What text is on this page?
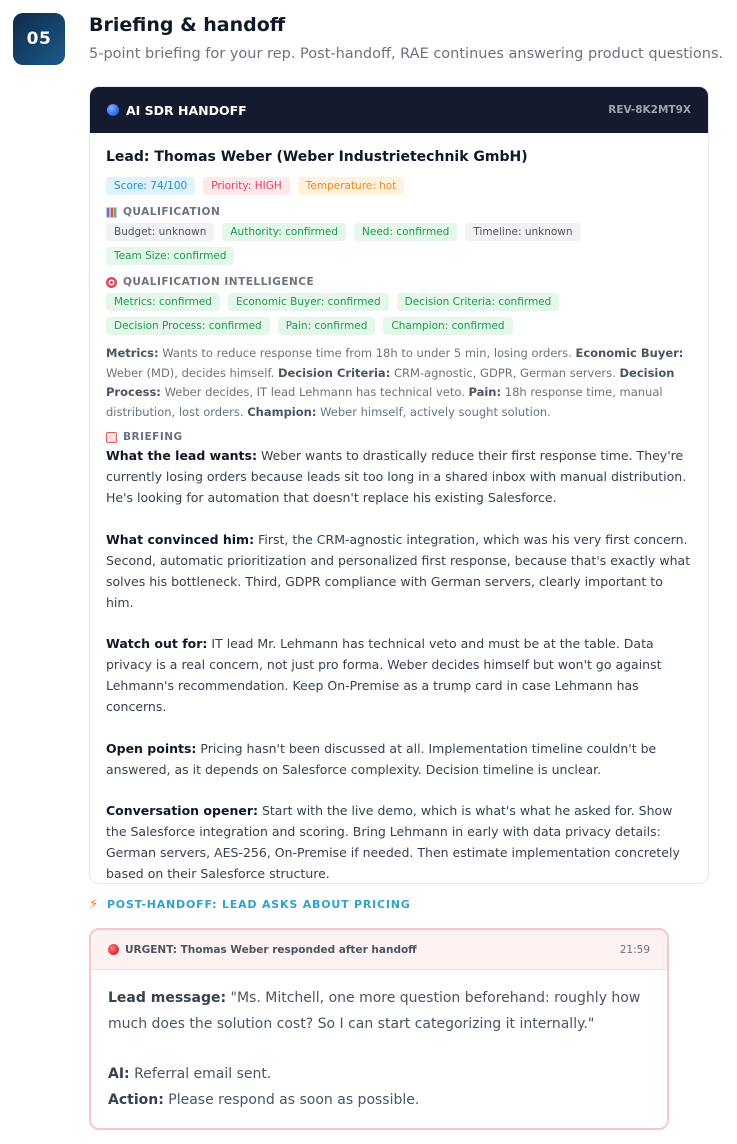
05
Briefing & handoff
5-point briefing for your rep. Post-handoff, RAE continues answering product questions.
AI SDR HANDOFF	REV-8K2MT9X
Lead: Thomas Weber (Weber Industrietechnik GmbH)
Score: 74/100	Priority: HIGH	Temperature: hot
QUALIFICATION
Budget: unknown	Authority: confirmed	Need: confirmed	Timeline: unknown
Team Size: confirmed
QUALIFICATION INTELLIGENCE
Metrics: confirmed	Economic Buyer: confirmed	Decision Criteria: confirmed
Decision Process: confirmed	Pain: confirmed	Champion: confirmed
Metrics: Wants to reduce response time from 18h to under 5 min, losing orders. Economic Buyer: Weber (MD), decides himself. Decision Criteria: CRM-agnostic, GDPR, German servers. Decision Process: Weber decides, IT lead Lehmann has technical veto. Pain: 18h response time, manual distribution, lost orders. Champion: Weber himself, actively sought solution.
BRIEFING

What the lead wants: Weber wants to drastically reduce their first response time. They're currently losing orders because leads sit too long in a shared inbox with manual distribution. He's looking for automation that doesn't replace his existing Salesforce.

What convinced him: First, the CRM-agnostic integration, which was his very first concern. Second, automatic prioritization and personalized first response, because that's exactly what solves his bottleneck. Third, GDPR compliance with German servers, clearly important to him.

Watch out for: IT lead Mr. Lehmann has technical veto and must be at the table. Data privacy is a real concern, not just pro forma. Weber decides himself but won't go against Lehmann's recommendation. Keep On-Premise as a trump card in case Lehmann has concerns.

Open points: Pricing hasn't been discussed at all. Implementation timeline couldn't be answered, as it depends on Salesforce complexity. Decision timeline is unclear.

Conversation opener: Start with the live demo, which is what's what he asked for. Show the Salesforce integration and scoring. Bring Lehmann in early with data privacy details: German servers, AES-256, On-Premise if needed. Then estimate implementation concretely based on their Salesforce structure.

⚡ POST-HANDOFF: LEAD ASKS ABOUT PRICING
URGENT: Thomas Weber responded after handoff	21:59
Lead message: "Ms. Mitchell, one more question beforehand: roughly how much does the solution cost? So I can start categorizing it internally."
AI: Referral email sent.
Action: Please respond as soon as possible.
